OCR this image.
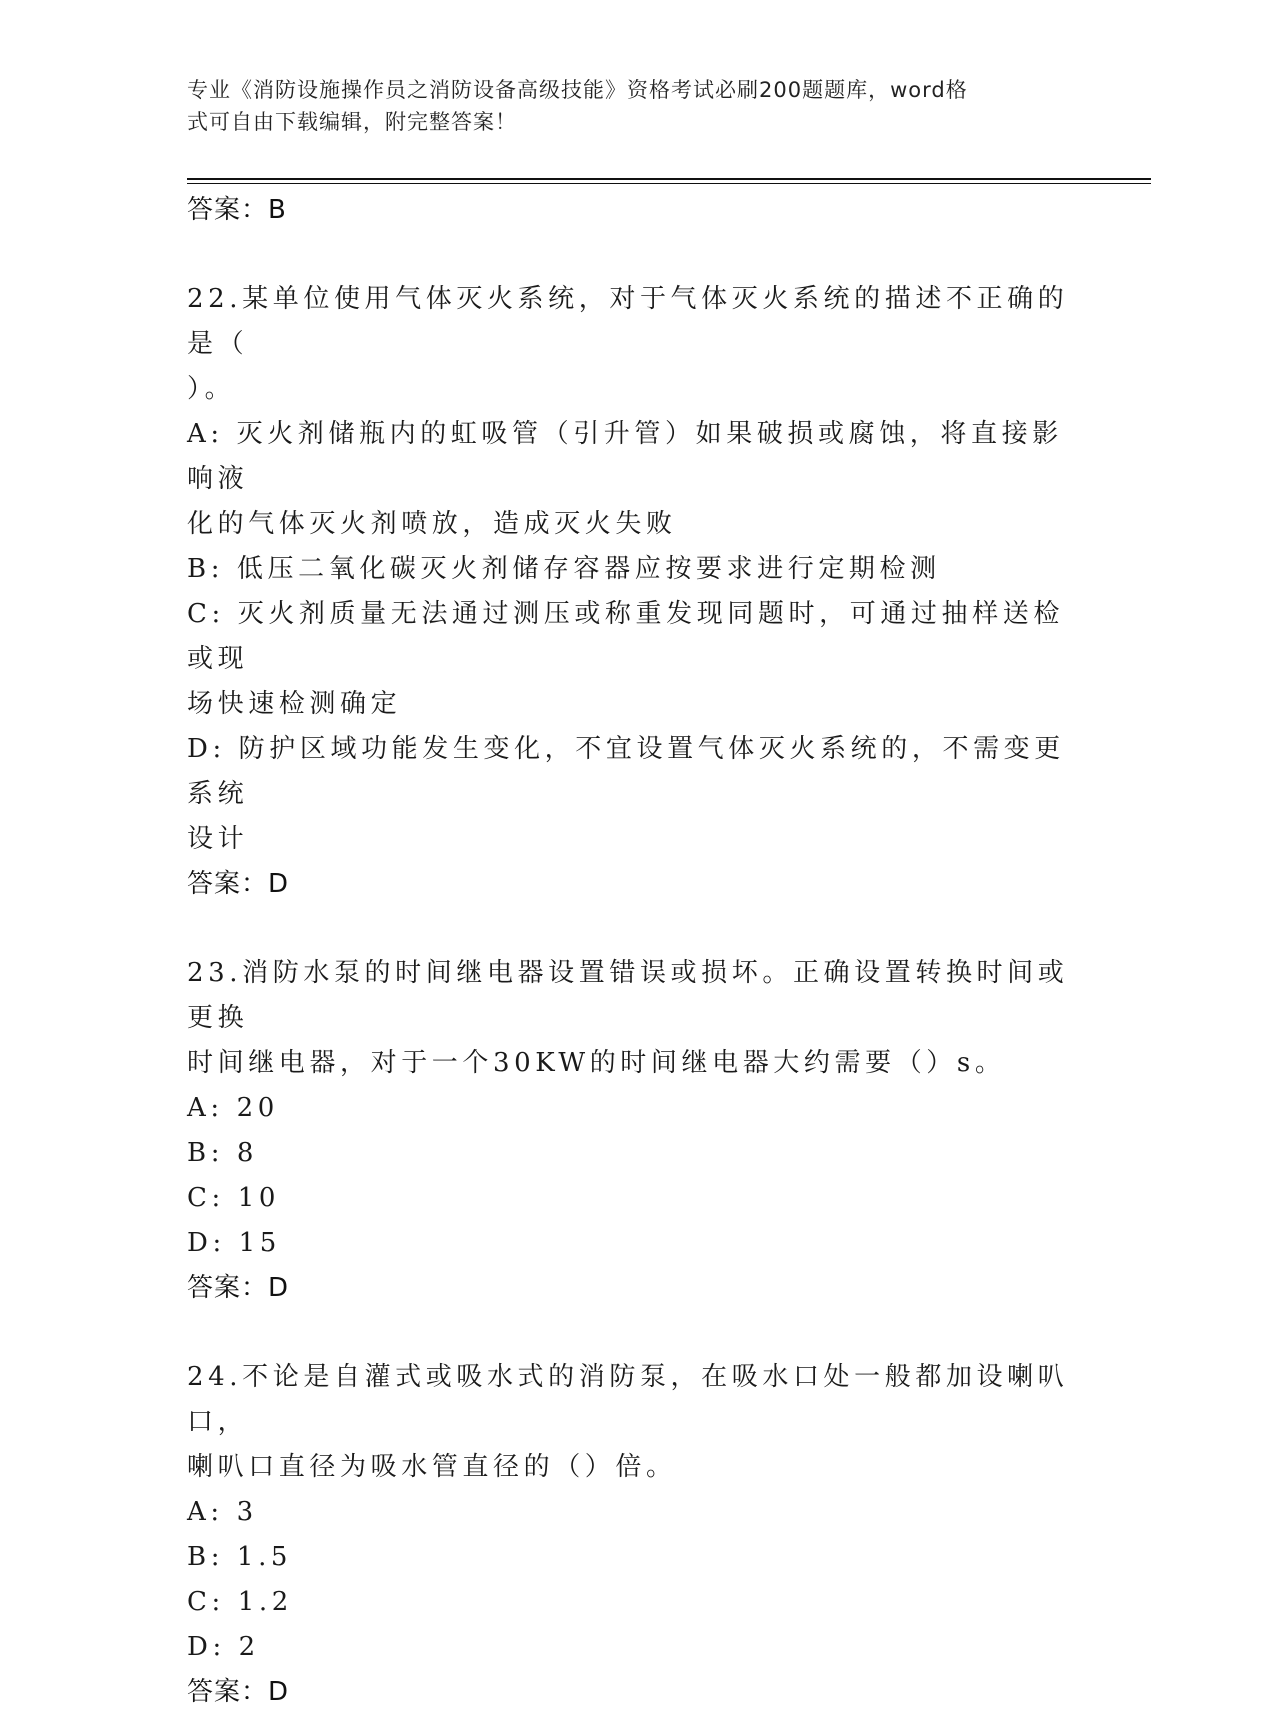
专业《消防设施操作员之消防设备高级技能》资格考试必刷200题题库，word格
式可自由下载编辑，附完整答案！
答案：B
22.某单位使用气体灭火系统，对于气体灭火系统的描述不正确的是（
）。
A: 灭火剂储瓶内的虹吸管（引升管）如果破损或腐蚀，将直接影响液
化的气体灭火剂喷放，造成灭火失败
B: 低压二氧化碳灭火剂储存容器应按要求进行定期检测
C: 灭火剂质量无法通过测压或称重发现同题时，可通过抽样送检或现
场快速检测确定
D: 防护区域功能发生变化，不宜设置气体灭火系统的，不需变更系统
设计
答案：D
23.消防水泵的时间继电器设置错误或损坏。正确设置转换时间或更换
时间继电器，对于一个30KW的时间继电器大约需要（）s。
A: 20
B: 8
C: 10
D: 15
答案：D
24.不论是自灌式或吸水式的消防泵，在吸水口处一般都加设喇叭口，
喇叭口直径为吸水管直径的（）倍。
A: 3
B: 1.5
C: 1.2
D: 2
答案：D
